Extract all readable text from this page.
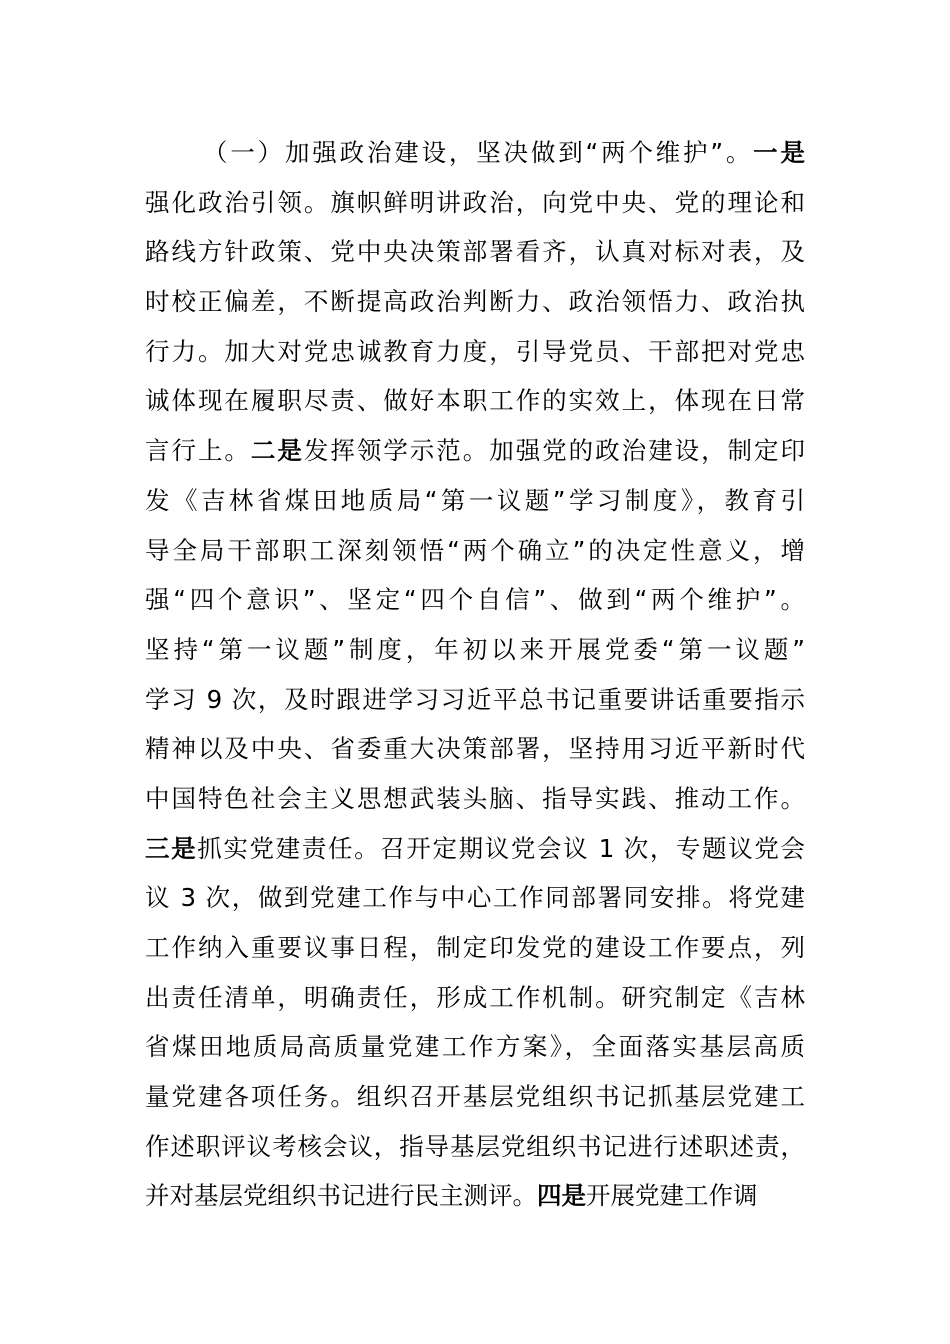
（一）加强政治建设，坚决做到“两个维护”。一是
强化政治引领。旗帜鲜明讲政治，向党中央、党的理论和
路线方针政策、党中央决策部署看齐，认真对标对表，及
时校正偏差，不断提高政治判断力、政治领悟力、政治执
行力。加大对党忠诚教育力度，引导党员、干部把对党忠
诚体现在履职尽责、做好本职工作的实效上，体现在日常
言行上。二是发挥领学示范。加强党的政治建设，制定印
发《吉林省煤田地质局“第一议题”学习制度》，教育引
导全局干部职工深刻领悟“两个确立”的决定性意义，增
强“四个意识”、坚定“四个自信”、做到“两个维护”。
坚持“第一议题”制度，年初以来开展党委“第一议题”
学习 9 次，及时跟进学习习近平总书记重要讲话重要指示
精神以及中央、省委重大决策部署，坚持用习近平新时代
中国特色社会主义思想武装头脑、指导实践、推动工作。
三是抓实党建责任。召开定期议党会议 1 次，专题议党会
议 3 次，做到党建工作与中心工作同部署同安排。将党建
工作纳入重要议事日程，制定印发党的建设工作要点，列
出责任清单，明确责任，形成工作机制。研究制定《吉林
省煤田地质局高质量党建工作方案》，全面落实基层高质
量党建各项任务。组织召开基层党组织书记抓基层党建工
作述职评议考核会议，指导基层党组织书记进行述职述责，
并对基层党组织书记进行民主测评。四是开展党建工作调
